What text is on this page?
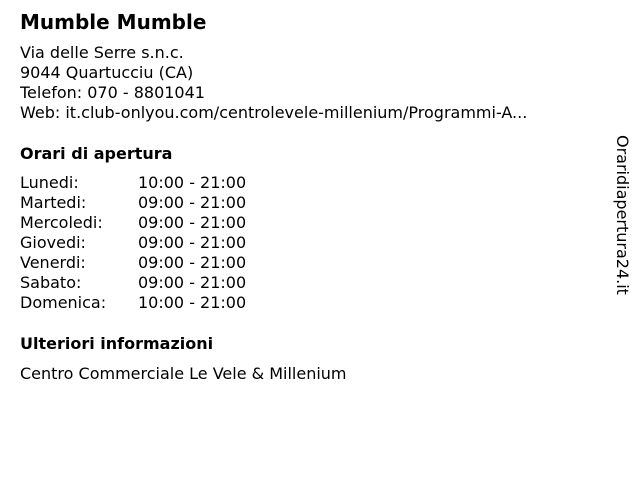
Mumble Mumble
Via delle Serre s.n.c.
9044 Quartucciu (CA)
Telefon: 070 - 8801041
Web: it.club-onlyou.com/centrolevele-millenium/Programmi-A...
Orari di apertura
Lunedi:	10:00 - 21:00
Martedi:	09:00 - 21:00
Mercoledi:	09:00 - 21:00
Giovedi:	09:00 - 21:00
Venerdi:	09:00 - 21:00
Sabato:	09:00 - 21:00
Domenica:	10:00 - 21:00
Ulteriori informazioni
Centro Commerciale Le Vele & Millenium
Oraridiapertura24.it
